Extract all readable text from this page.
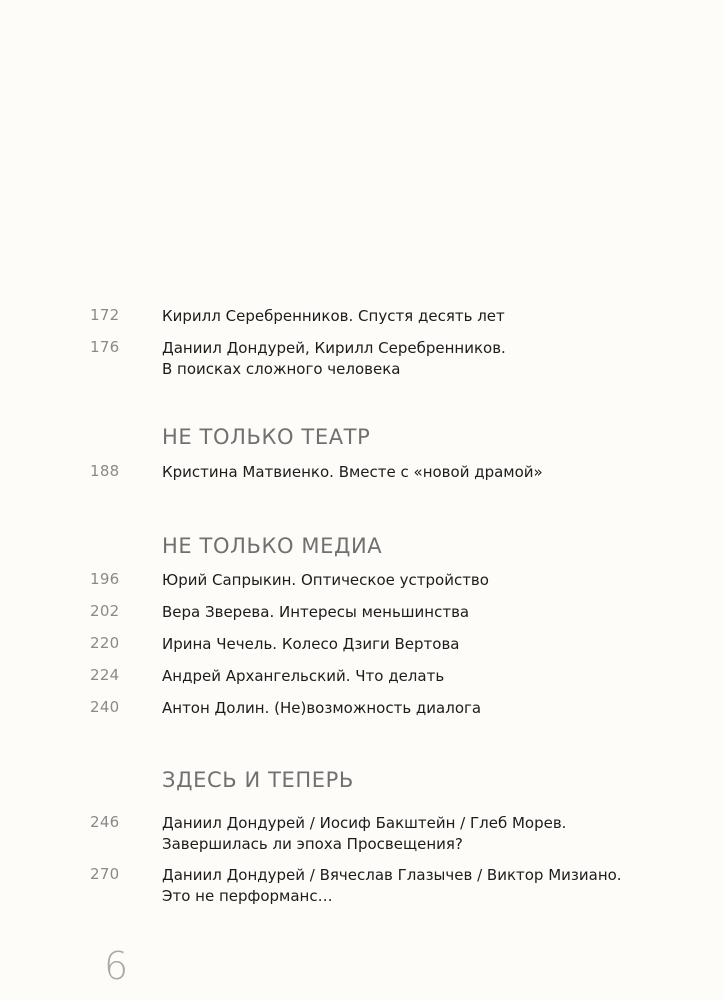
172	Кирилл Серебренников. Спустя десять лет
176	Даниил Дондурей, Кирилл Серебренников.
В поисках сложного человека
НЕ ТОЛЬКО ТЕАТР
188	Кристина Матвиенко. Вместе с «новой драмой»
НЕ ТОЛЬКО МЕДИА
196	Юрий Сапрыкин. Оптическое устройство
202	Вера Зверева. Интересы меньшинства
220	Ирина Чечель. Колесо Дзиги Вертова
224	Андрей Архангельский. Что делать
240	Антон Долин. (Не)возможность диалога
ЗДЕСЬ И ТЕПЕРЬ
246	Даниил Дондурей / Иосиф Бакштейн / Глеб Морев.
Завершилась ли эпоха Просвещения?
270	Даниил Дондурей / Вячеслав Глазычев / Виктор Мизиано.
Это не перформанс…
6
